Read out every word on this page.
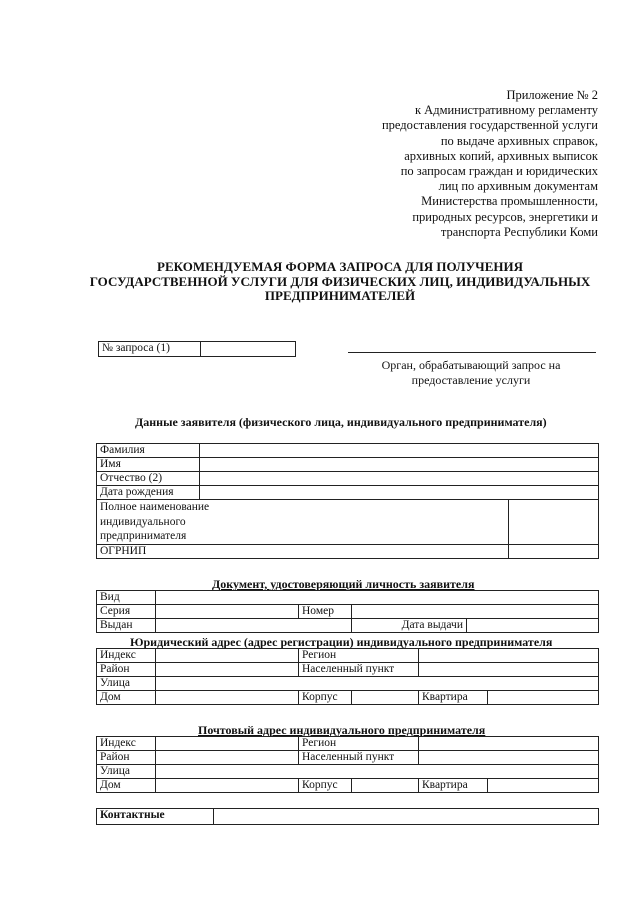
Приложение № 2
к Административному регламенту
предоставления государственной услуги
по выдаче архивных справок,
архивных копий, архивных выписок
по запросам граждан и юридических
лиц по архивным документам
Министерства промышленности,
природных ресурсов, энергетики и
транспорта Республики Коми
РЕКОМЕНДУЕМАЯ ФОРМА ЗАПРОСА ДЛЯ ПОЛУЧЕНИЯ
ГОСУДАРСТВЕННОЙ УСЛУГИ ДЛЯ ФИЗИЧЕСКИХ ЛИЦ, ИНДИВИДУАЛЬНЫХ
ПРЕДПРИНИМАТЕЛЕЙ
№ запроса (1)	
Орган, обрабатывающий запрос на
предоставление услуги
Данные заявителя (физического лица, индивидуального предпринимателя)
Фамилия		
Имя		
Отчество (2)		
Дата рождения		

Полное наименование
индивидуального
предпринимателя		

ОГРНИП		
Документ, удостоверяющий личность заявителя
Вид				
Серия		Номер		
Выдан			Дата выдачи	
Юридический адрес (адрес регистрации) индивидуального предпринимателя
Индекс		Регион			
Район		Населенный пункт			
Улица					
Дом		Корпус		Квартира	
Почтовый адрес индивидуального предпринимателя
Индекс		Регион			
Район		Населенный пункт			
Улица					
Дом		Корпус		Квартира	
Контактные	
